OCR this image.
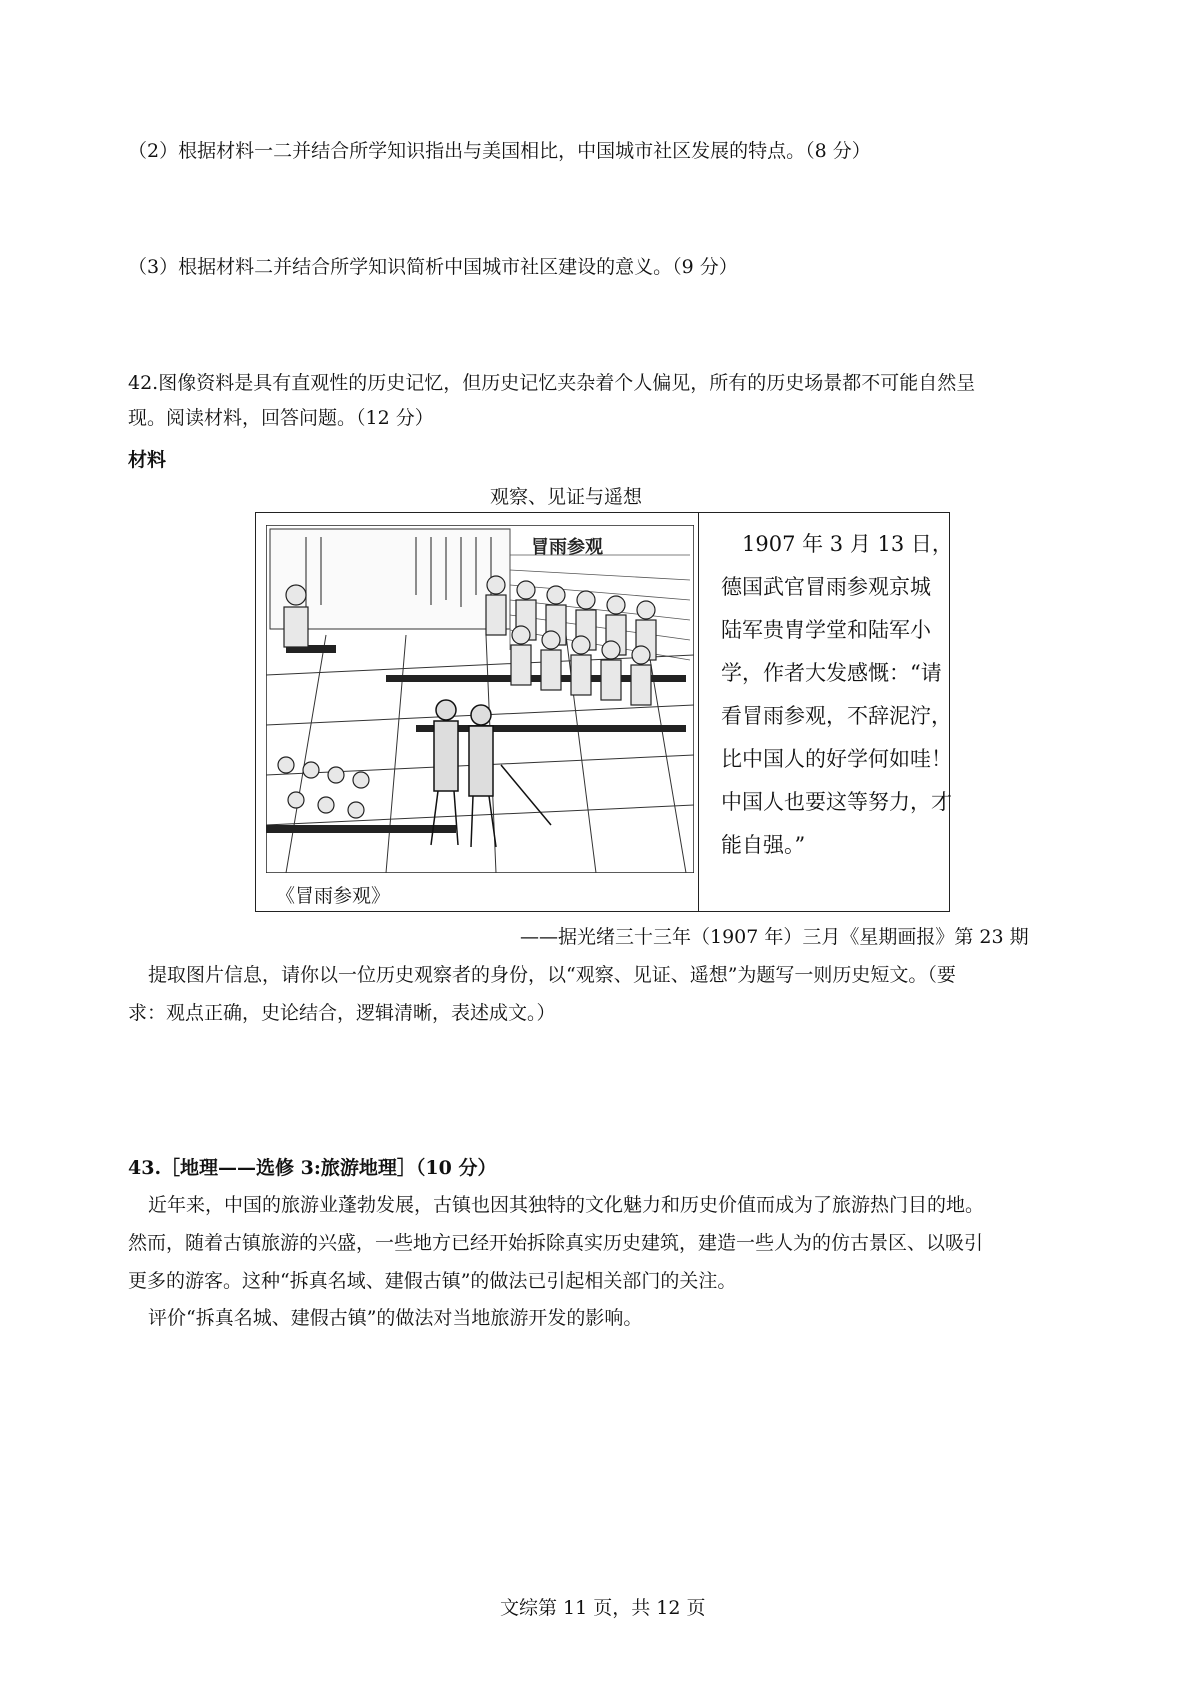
（2）根据材料一二并结合所学知识指出与美国相比，中国城市社区发展的特点。（8 分）
（3）根据材料二并结合所学知识简析中国城市社区建设的意义。（9 分）
42.图像资料是具有直观性的历史记忆，但历史记忆夹杂着个人偏见，所有的历史场景都不可能自然呈
现。阅读材料，回答问题。（12 分）
材料
观察、见证与遥想
冒雨参观
《冒雨参观》
　1907 年 3 月 13 日，
德国武官冒雨参观京城
陆军贵胄学堂和陆军小
学，作者大发感慨：“请
看冒雨参观，不辞泥泞，
比中国人的好学何如哇！
中国人也要这等努力，才
能自强。”
——据光绪三十三年（1907 年）三月《星期画报》第 23 期
提取图片信息，请你以一位历史观察者的身份，以“观察、见证、遥想”为题写一则历史短文。（要
求：观点正确，史论结合，逻辑清晰，表述成文。）
43.［地理——选修 3:旅游地理］（10 分）
近年来，中国的旅游业蓬勃发展，古镇也因其独特的文化魅力和历史价值而成为了旅游热门目的地。
然而，随着古镇旅游的兴盛，一些地方已经开始拆除真实历史建筑，建造一些人为的仿古景区、以吸引
更多的游客。这种“拆真名域、建假古镇”的做法已引起相关部门的关注。
评价“拆真名城、建假古镇”的做法对当地旅游开发的影响。
文综第 11 页，共 12 页
